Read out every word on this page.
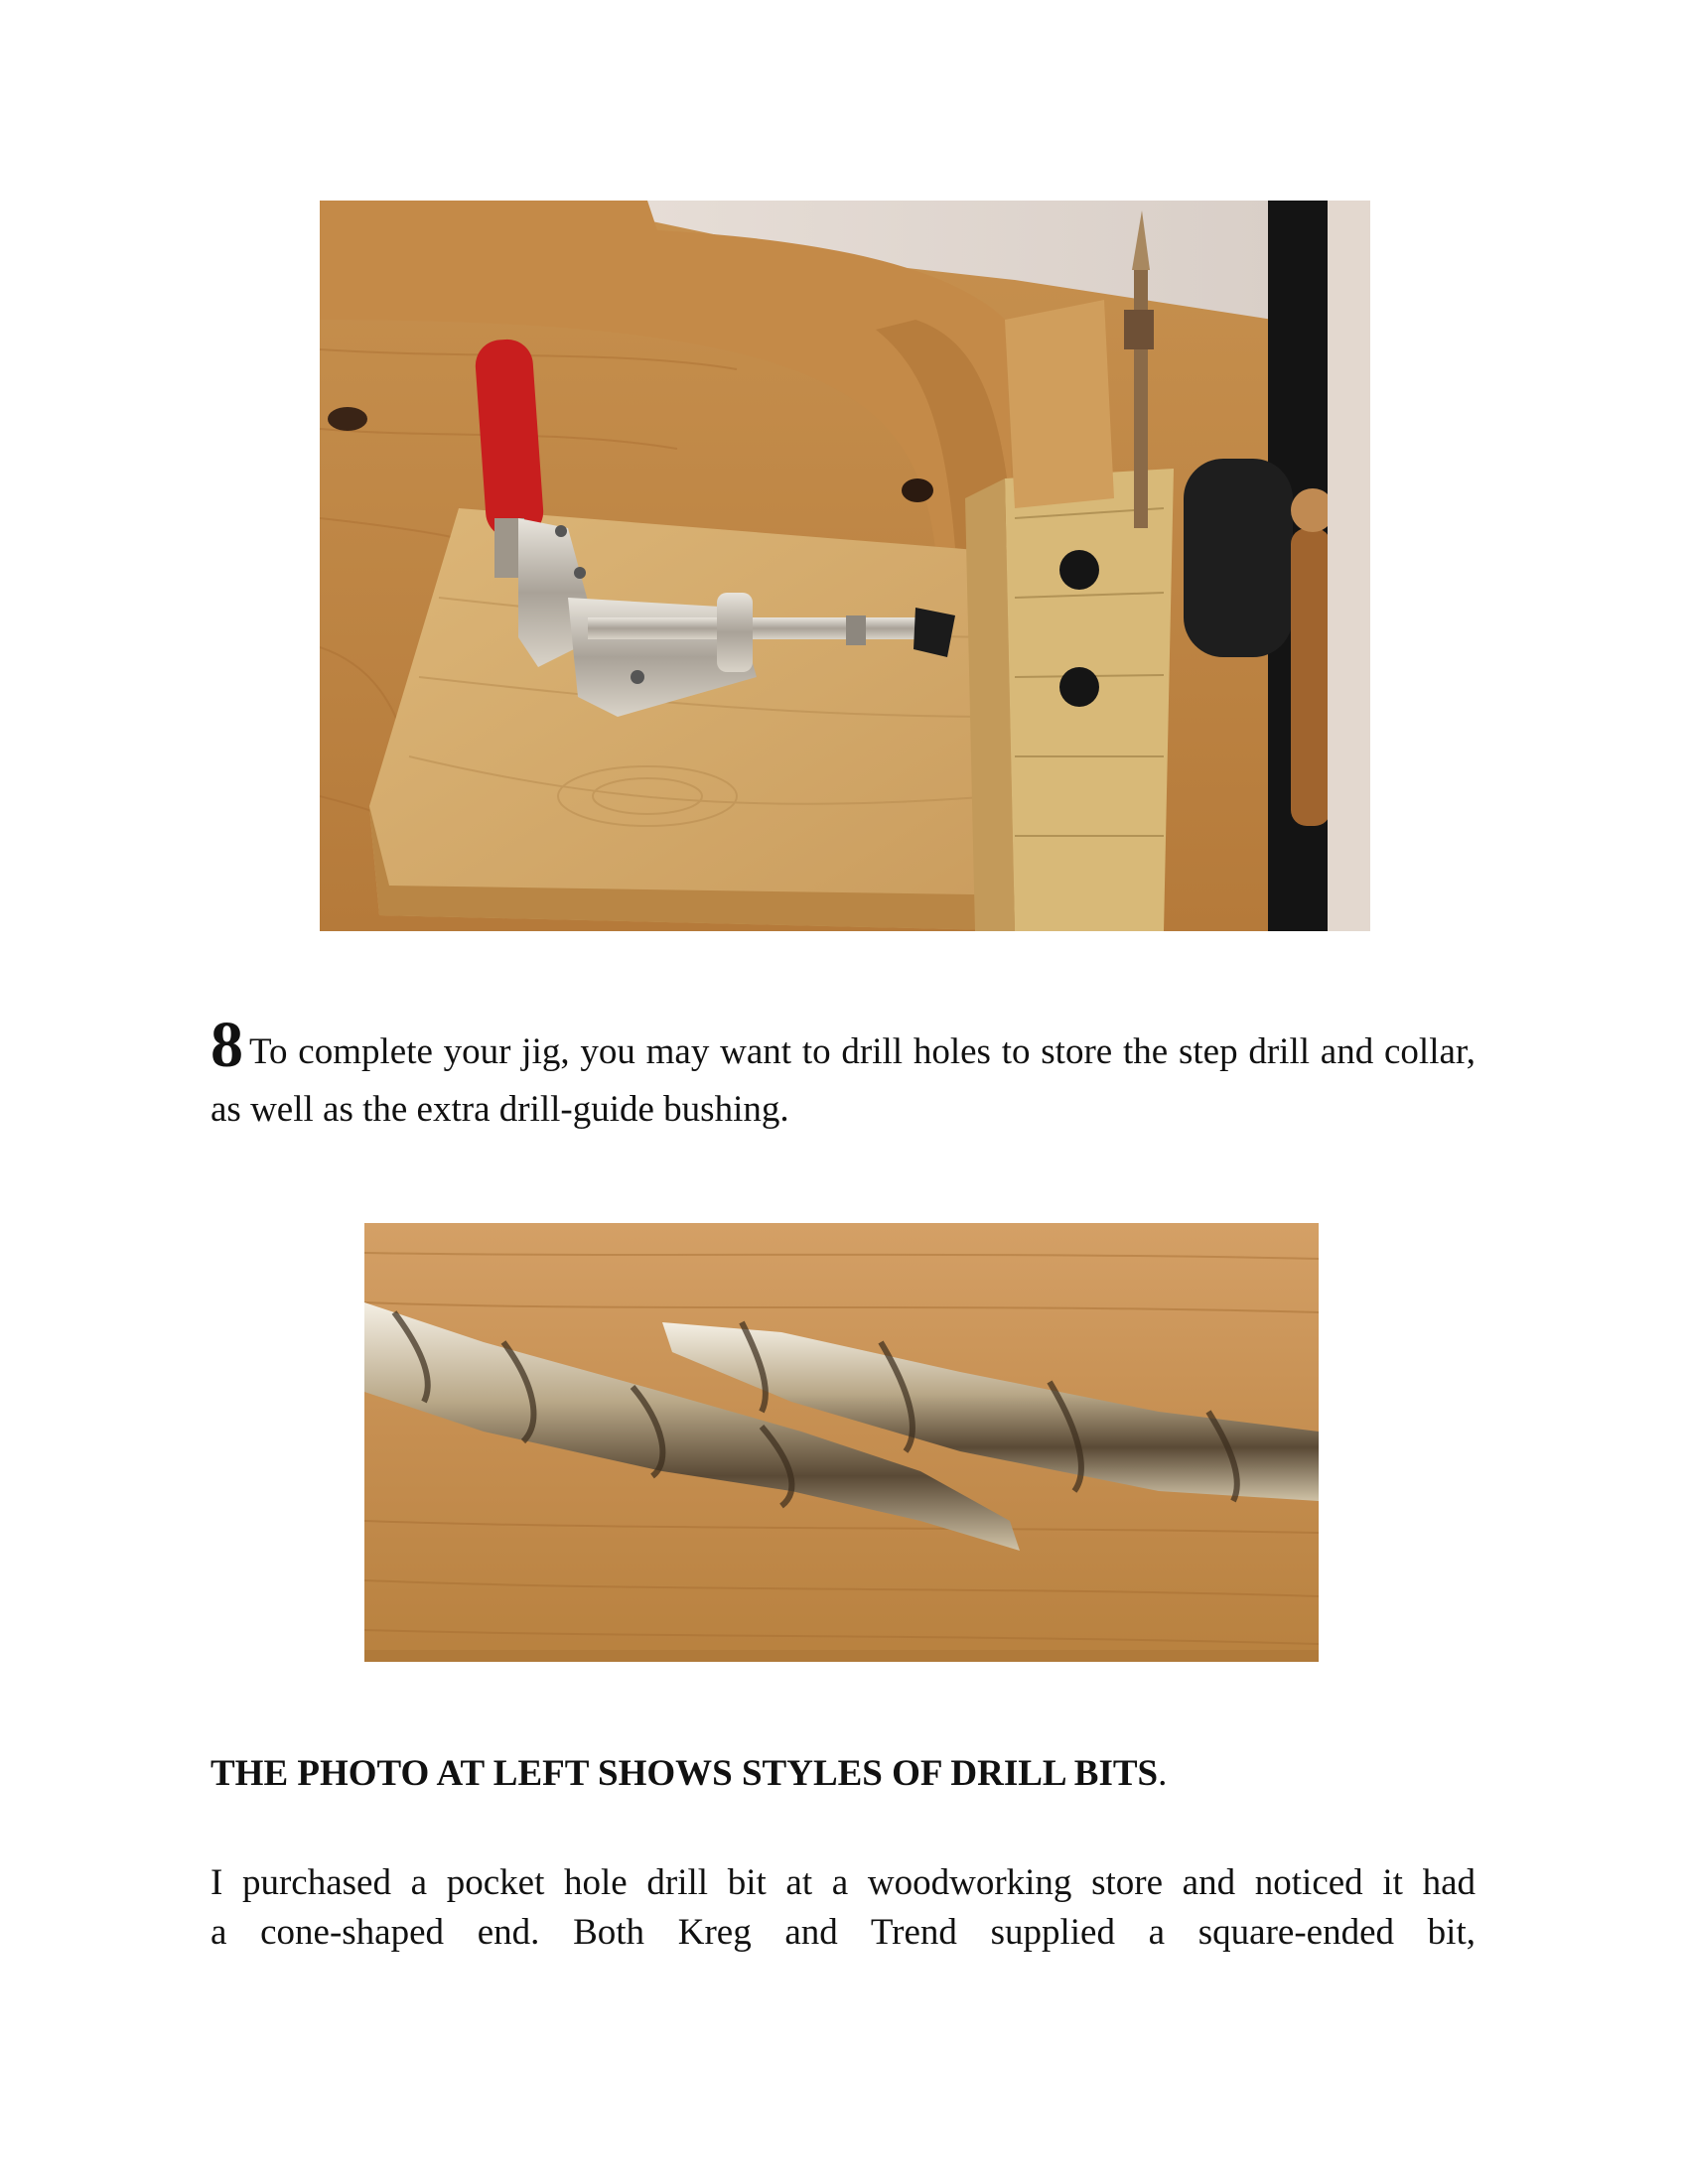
8 To complete your jig, you may want to drill holes to store the step drill and collar, as well as the extra drill-guide bushing.
THE PHOTO AT LEFT SHOWS STYLES OF DRILL BITS.
I purchased a pocket hole drill bit at a woodworking store and noticed it had
a cone-shaped end. Both Kreg and Trend supplied a square-ended bit,
